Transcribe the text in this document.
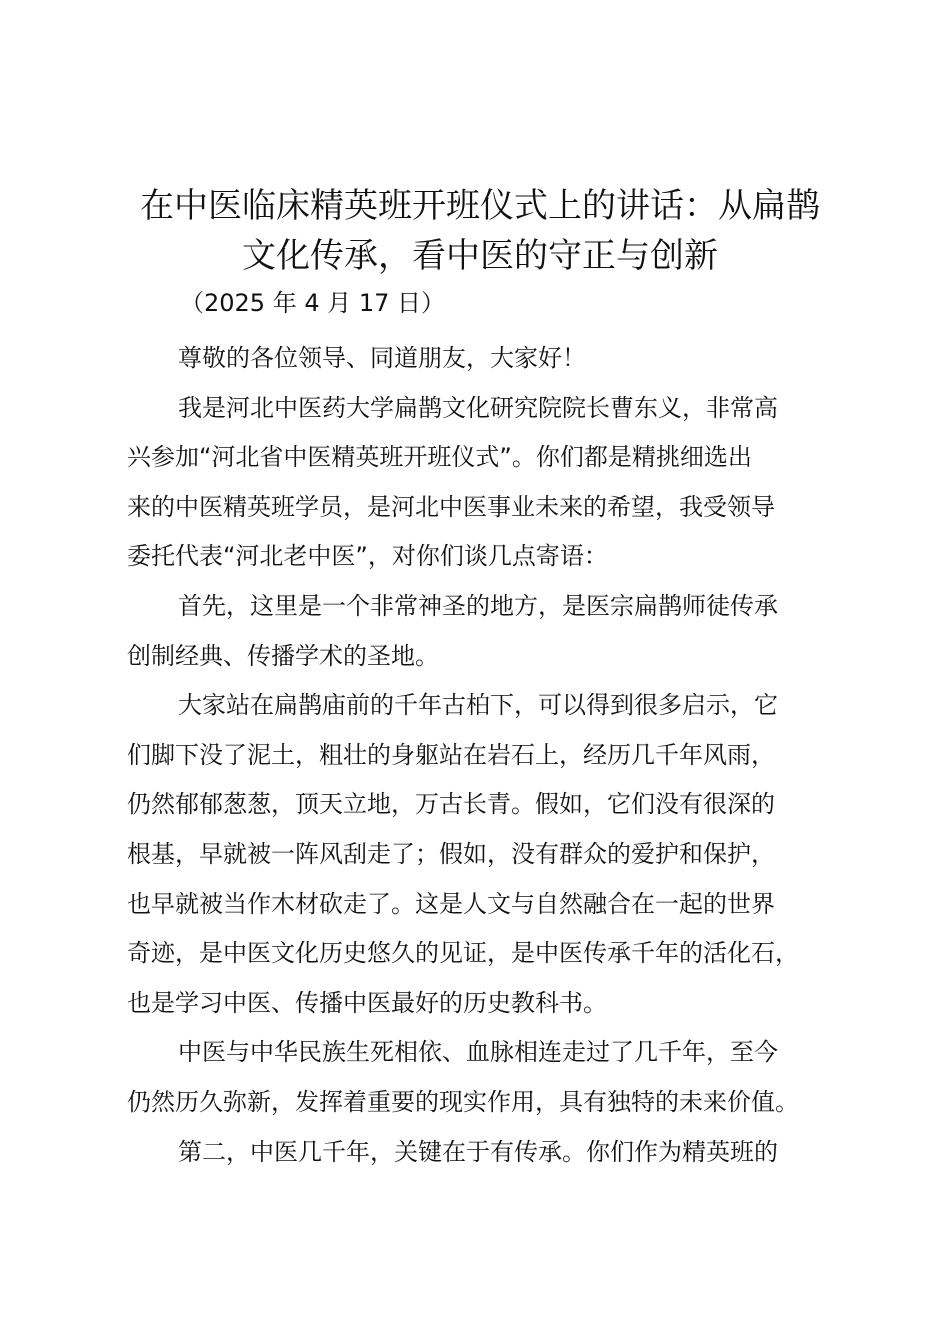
在中医临床精英班开班仪式上的讲话：从扁鹊
文化传承，看中医的守正与创新
（2025 年 4 月 17 日）
尊敬的各位领导、同道朋友，大家好！
我是河北中医药大学扁鹊文化研究院院长曹东义，非常高
兴参加“河北省中医精英班开班仪式”。你们都是精挑细选出
来的中医精英班学员，是河北中医事业未来的希望，我受领导
委托代表“河北老中医”，对你们谈几点寄语：
首先，这里是一个非常神圣的地方，是医宗扁鹊师徒传承
创制经典、传播学术的圣地。
大家站在扁鹊庙前的千年古柏下，可以得到很多启示，它
们脚下没了泥土，粗壮的身躯站在岩石上，经历几千年风雨，
仍然郁郁葱葱，顶天立地，万古长青。假如，它们没有很深的
根基，早就被一阵风刮走了；假如，没有群众的爱护和保护，
也早就被当作木材砍走了。这是人文与自然融合在一起的世界
奇迹，是中医文化历史悠久的见证，是中医传承千年的活化石，
也是学习中医、传播中医最好的历史教科书。
中医与中华民族生死相依、血脉相连走过了几千年，至今
仍然历久弥新，发挥着重要的现实作用，具有独特的未来价值。
第二，中医几千年，关键在于有传承。你们作为精英班的
